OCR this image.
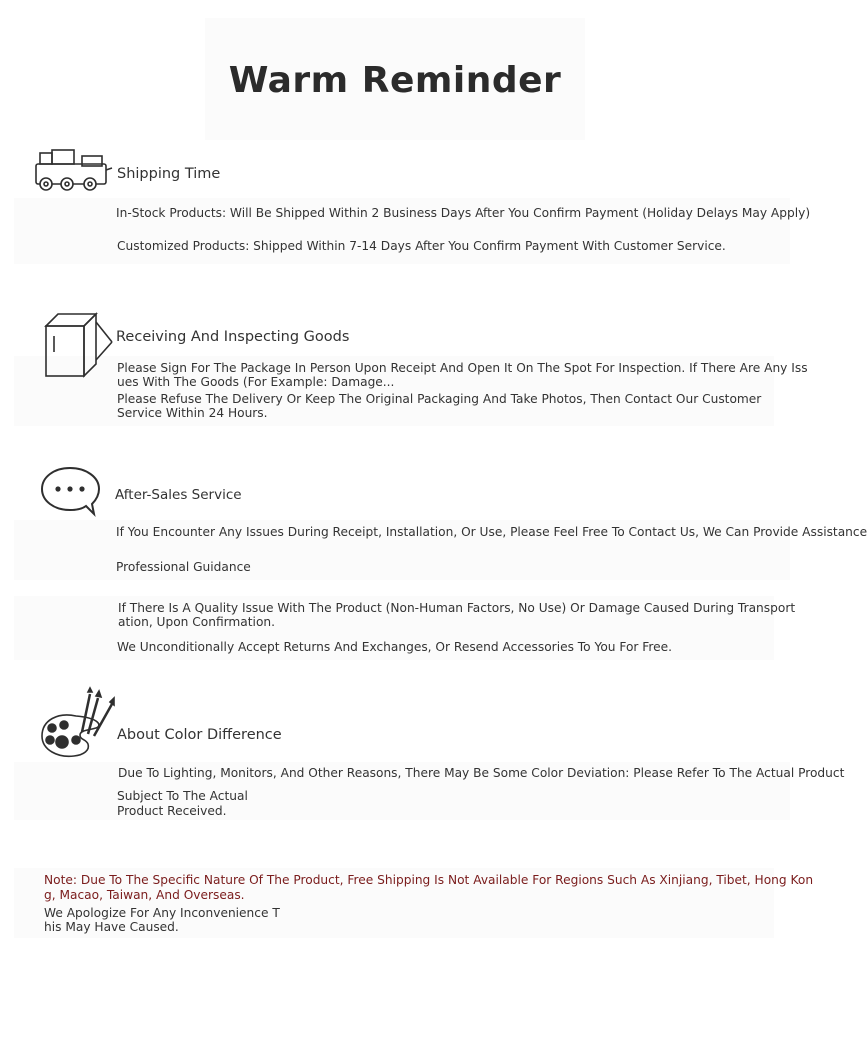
Warm Reminder
Shipping Time
In-Stock Products: Will Be Shipped Within 2 Business Days After You Confirm Payment (Holiday Delays May Apply)
Customized Products: Shipped Within 7-14 Days After You Confirm Payment With Customer Service.
Receiving And Inspecting Goods
Please Sign For The Package In Person Upon Receipt And Open It On The Spot For Inspection. If There Are Any Iss
ues With The Goods (For Example: Damage...
Please Refuse The Delivery Or Keep The Original Packaging And Take Photos, Then Contact Our Customer
Service Within 24 Hours.
After-Sales Service
If You Encounter Any Issues During Receipt, Installation, Or Use, Please Feel Free To Contact Us, We Can Provide Assistance
Professional Guidance
If There Is A Quality Issue With The Product (Non-Human Factors, No Use) Or Damage Caused During Transport
ation, Upon Confirmation.
We Unconditionally Accept Returns And Exchanges, Or Resend Accessories To You For Free.
About Color Difference
Due To Lighting, Monitors, And Other Reasons, There May Be Some Color Deviation: Please Refer To The Actual Product
Subject To The Actual
Product Received.
Note: Due To The Specific Nature Of The Product, Free Shipping Is Not Available For Regions Such As Xinjiang, Tibet, Hong Kon
g, Macao, Taiwan, And Overseas.
We Apologize For Any Inconvenience T
his May Have Caused.
